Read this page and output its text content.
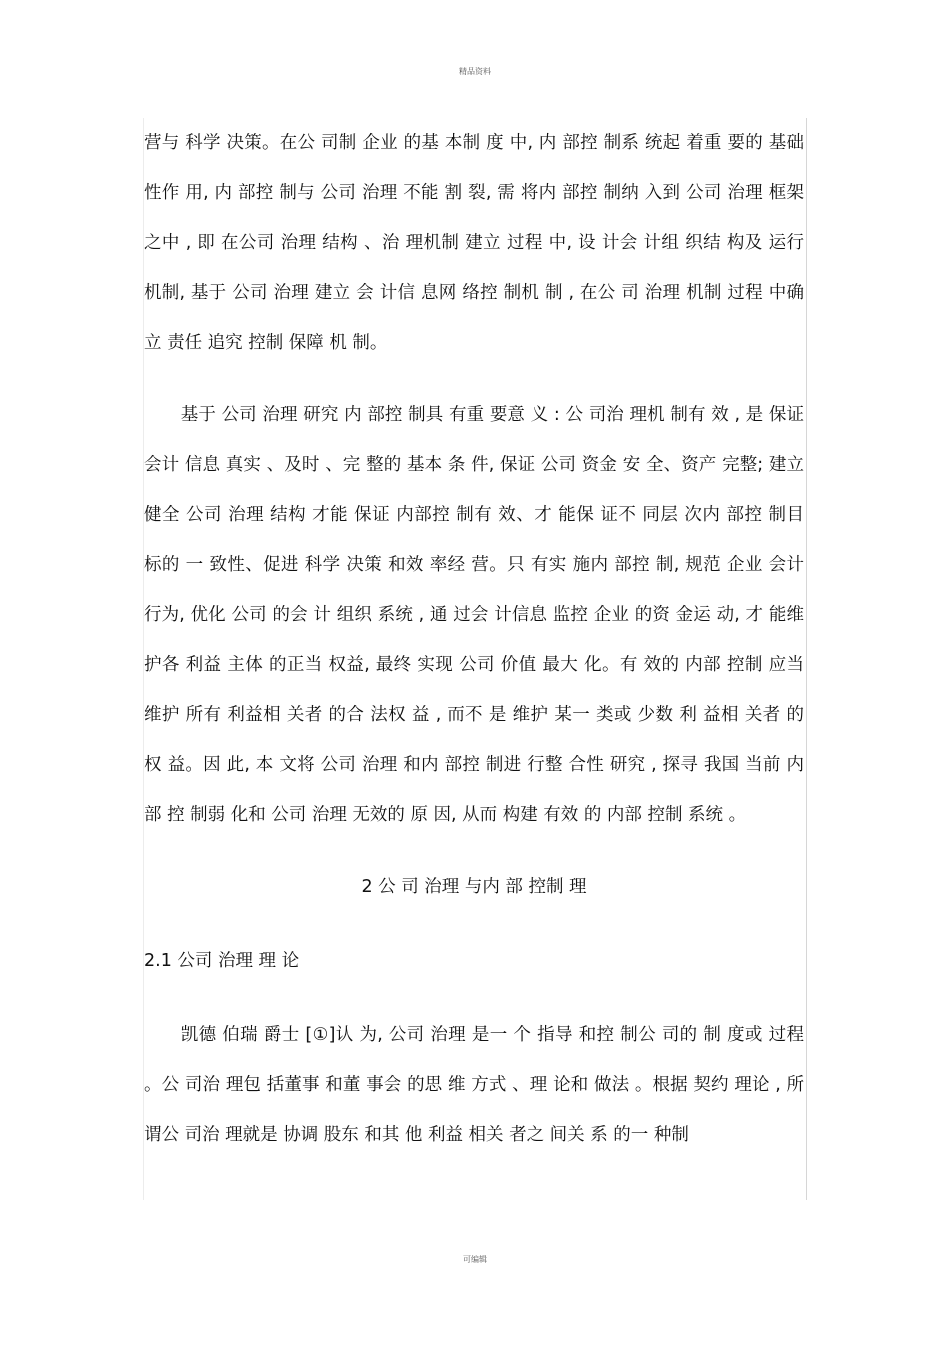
精品资料

营与 科学 决策。在公 司制 企业 的基 本制 度 中, 内 部控 制系 统起 着重 要的 基础 性作 用, 内 部控 制与 公司 治理 不能 割 裂, 需 将内 部控 制纳 入到 公司 治理 框架 之中 , 即 在公司 治理 结构 、治 理机制 建立 过程 中, 设 计会 计组 织结 构及 运行 机制, 基于 公司 治理 建立 会 计信 息网 络控 制机 制 , 在公 司 治理 机制 过程 中确 立 责任 追究 控制 保障 机 制。

基于 公司 治理 研究 内 部控 制具 有重 要意 义 : 公 司治 理机 制有 效 , 是 保证 会计 信息 真实 、及时 、完 整的 基本 条 件, 保证 公司 资金 安 全、资产 完整; 建立 健全 公司 治理 结构 才能 保证 内部控 制有 效、才 能保 证不 同层 次内 部控 制目 标的 一 致性、促进 科学 决策 和效 率经 营。只 有实 施内 部控 制, 规范 企业 会计 行为, 优化 公司 的会 计 组织 系统 , 通 过会 计信息 监控 企业 的资 金运 动, 才 能维 护各 利益 主体 的正当 权益, 最终 实现 公司 价值 最大 化。有 效的 内部 控制 应当 维护 所有 利益相 关者 的合 法权 益 , 而不 是 维护 某一 类或 少数 利 益相 关者 的权 益。因 此, 本 文将 公司 治理 和内 部控 制进 行整 合性 研究 , 探寻 我国 当前 内部 控 制弱 化和 公司 治理 无效的 原 因, 从而 构建 有效 的 内部 控制 系统 。

2 公 司 治理 与内 部 控制 理

2.1 公司 治理 理 论

凯德 伯瑞 爵士 [①]认 为, 公司 治理 是一 个 指导 和控 制公 司的 制 度或 过程 。公 司治 理包 括董事 和董 事会 的思 维 方式 、理 论和 做法 。根据 契约 理论 , 所 谓公 司治 理就是 协调 股东 和其 他 利益 相关 者之 间关 系 的一 种制

可编辑
